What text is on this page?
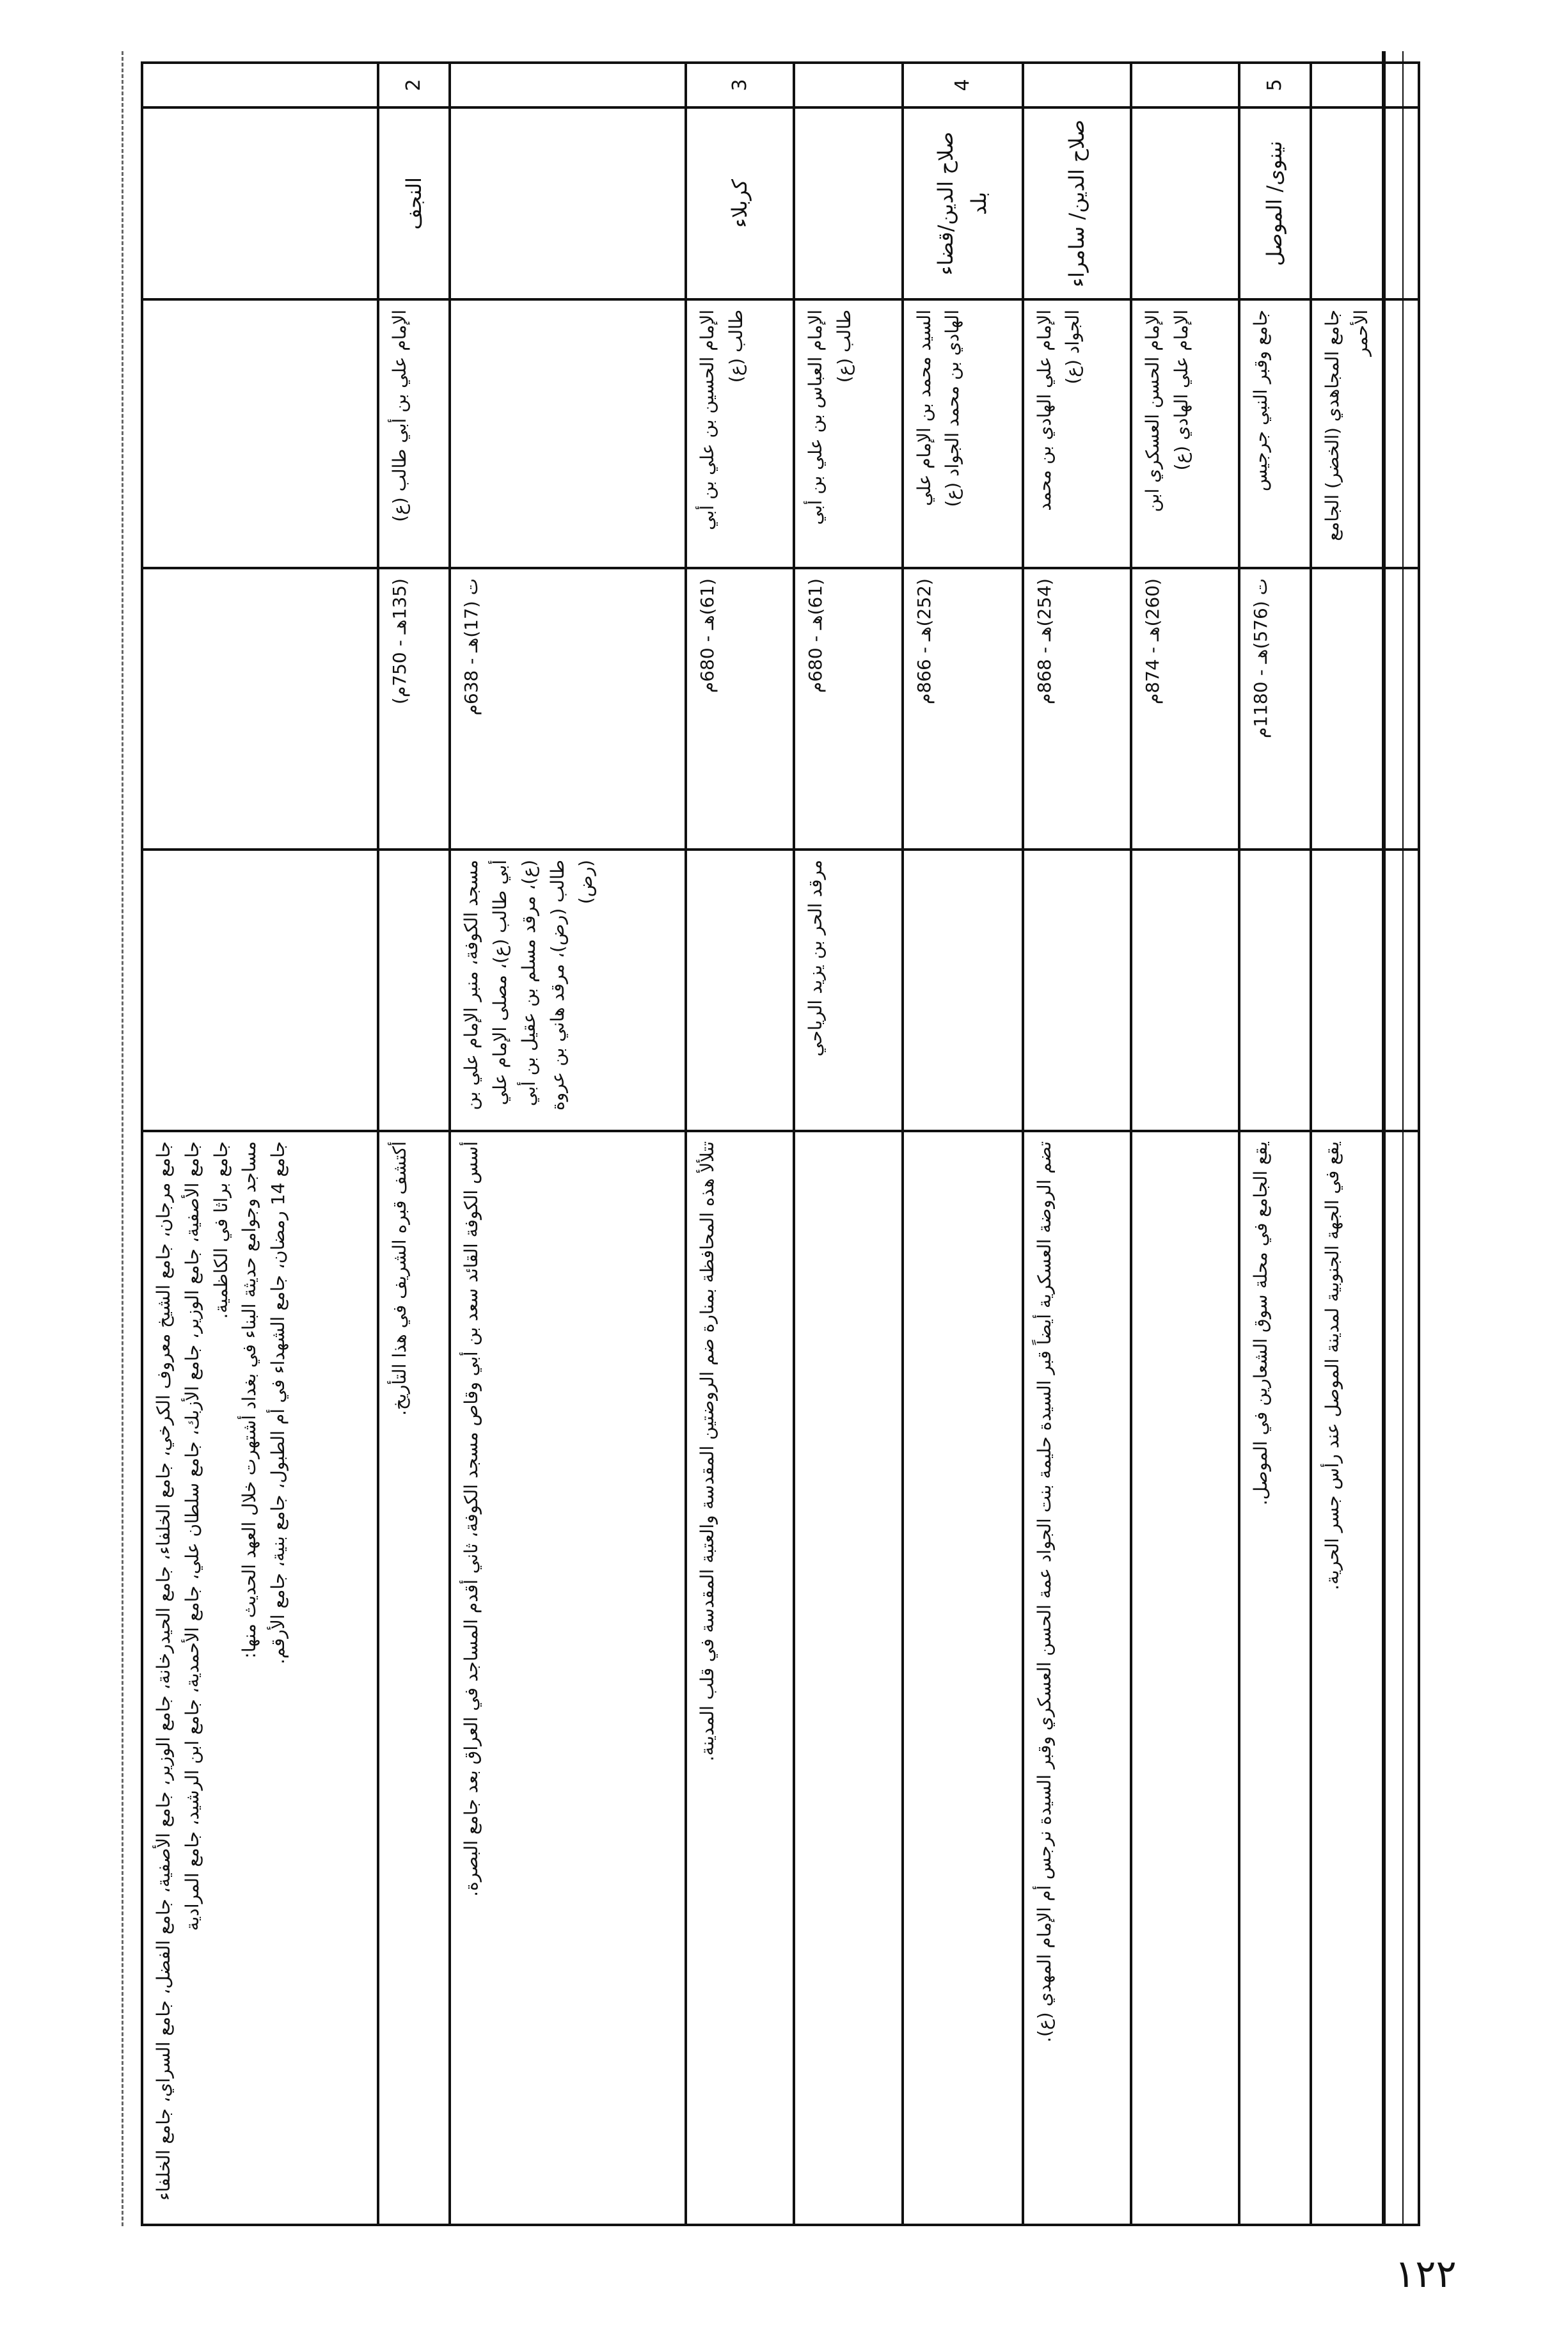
					جامع مرجان، جامع الشيخ معروف الكرخي، جامع الخلفاء، جامع الحيدرخانة، جامع الوزير، جامع الأصفية، جامع الفضل، جامع السراي، جامع الخلفاء جامع الأصفية، جامع الوزير، جامع الأزبك، جامع سلطان علي، جامع الأحمدية، جامع ابن الرشيد، جامع المرادية جامع براثا في الكاظمية. مساجد وجوامع حديثة البناء في بغداد أشتهرت خلال العهد الحديث منها: جامع 14 رمضان، جامع الشهداء في أم الطبول، جامع بنية، جامع الأرقم.

2	النجف	الإمام علي بن أبي طالب (ع)	(135هـ - 750م)		أكتشف قبره الشريف في هذا التأريخ.

			ت (17)هـ - 638م	مسجد الكوفة، منبر الإمام علي بن أبي طالب (ع)، مصلى الإمام علي (ع)، مرقد مسلم بن عقيل بن أبي طالب (رض)، مرقد هاني بن عروة (رض)	أسس الكوفة القائد سعد بن أبي وقاص مسجد الكوفة، ثاني أقدم المساجد في العراق بعد جامع البصرة.

3	كربلاء	الإمام الحسين بن علي بن أبي طالب (ع)	(61)هـ - 680م		تتلألأ هذه المحافظة بمنارة ضم الروضتين المقدسة والعتبة المقدسة في قلب المدينة.

		الإمام العباس بن علي بن أبي طالب (ع)	(61)هـ - 680م	مرقد الحر بن يزيد الرياحي	

4	صلاح الدين/قضاء بلد	السيد محمد بن الإمام علي الهادي بن محمد الجواد (ع)	(252)هـ - 866م		

	صلاح الدين/ سامراء	الإمام علي الهادي بن محمد الجواد (ع)	(254)هـ - 868م		تضم الروضة العسكرية أيضاً قبر السيدة حليمة بنت الجواد عمة الحسن العسكري وقبر السيدة نرجس أم الإمام المهدي (ع).

		الإمام الحسن العسكري ابن الإمام علي الهادي (ع)	(260)هـ - 874م		

5	نينوى/ الموصل	جامع وقبر النبي جرجيس	ت (576)هـ - 1180م		يقع الجامع في محلة سوق الشعارين في الموصل.

		جامع المجاهدي (الخضر) الجامع الأحمر			يقع في الجهة الجنوبية لمدينة الموصل عند رأس جسر الحرية.
١٢٢
